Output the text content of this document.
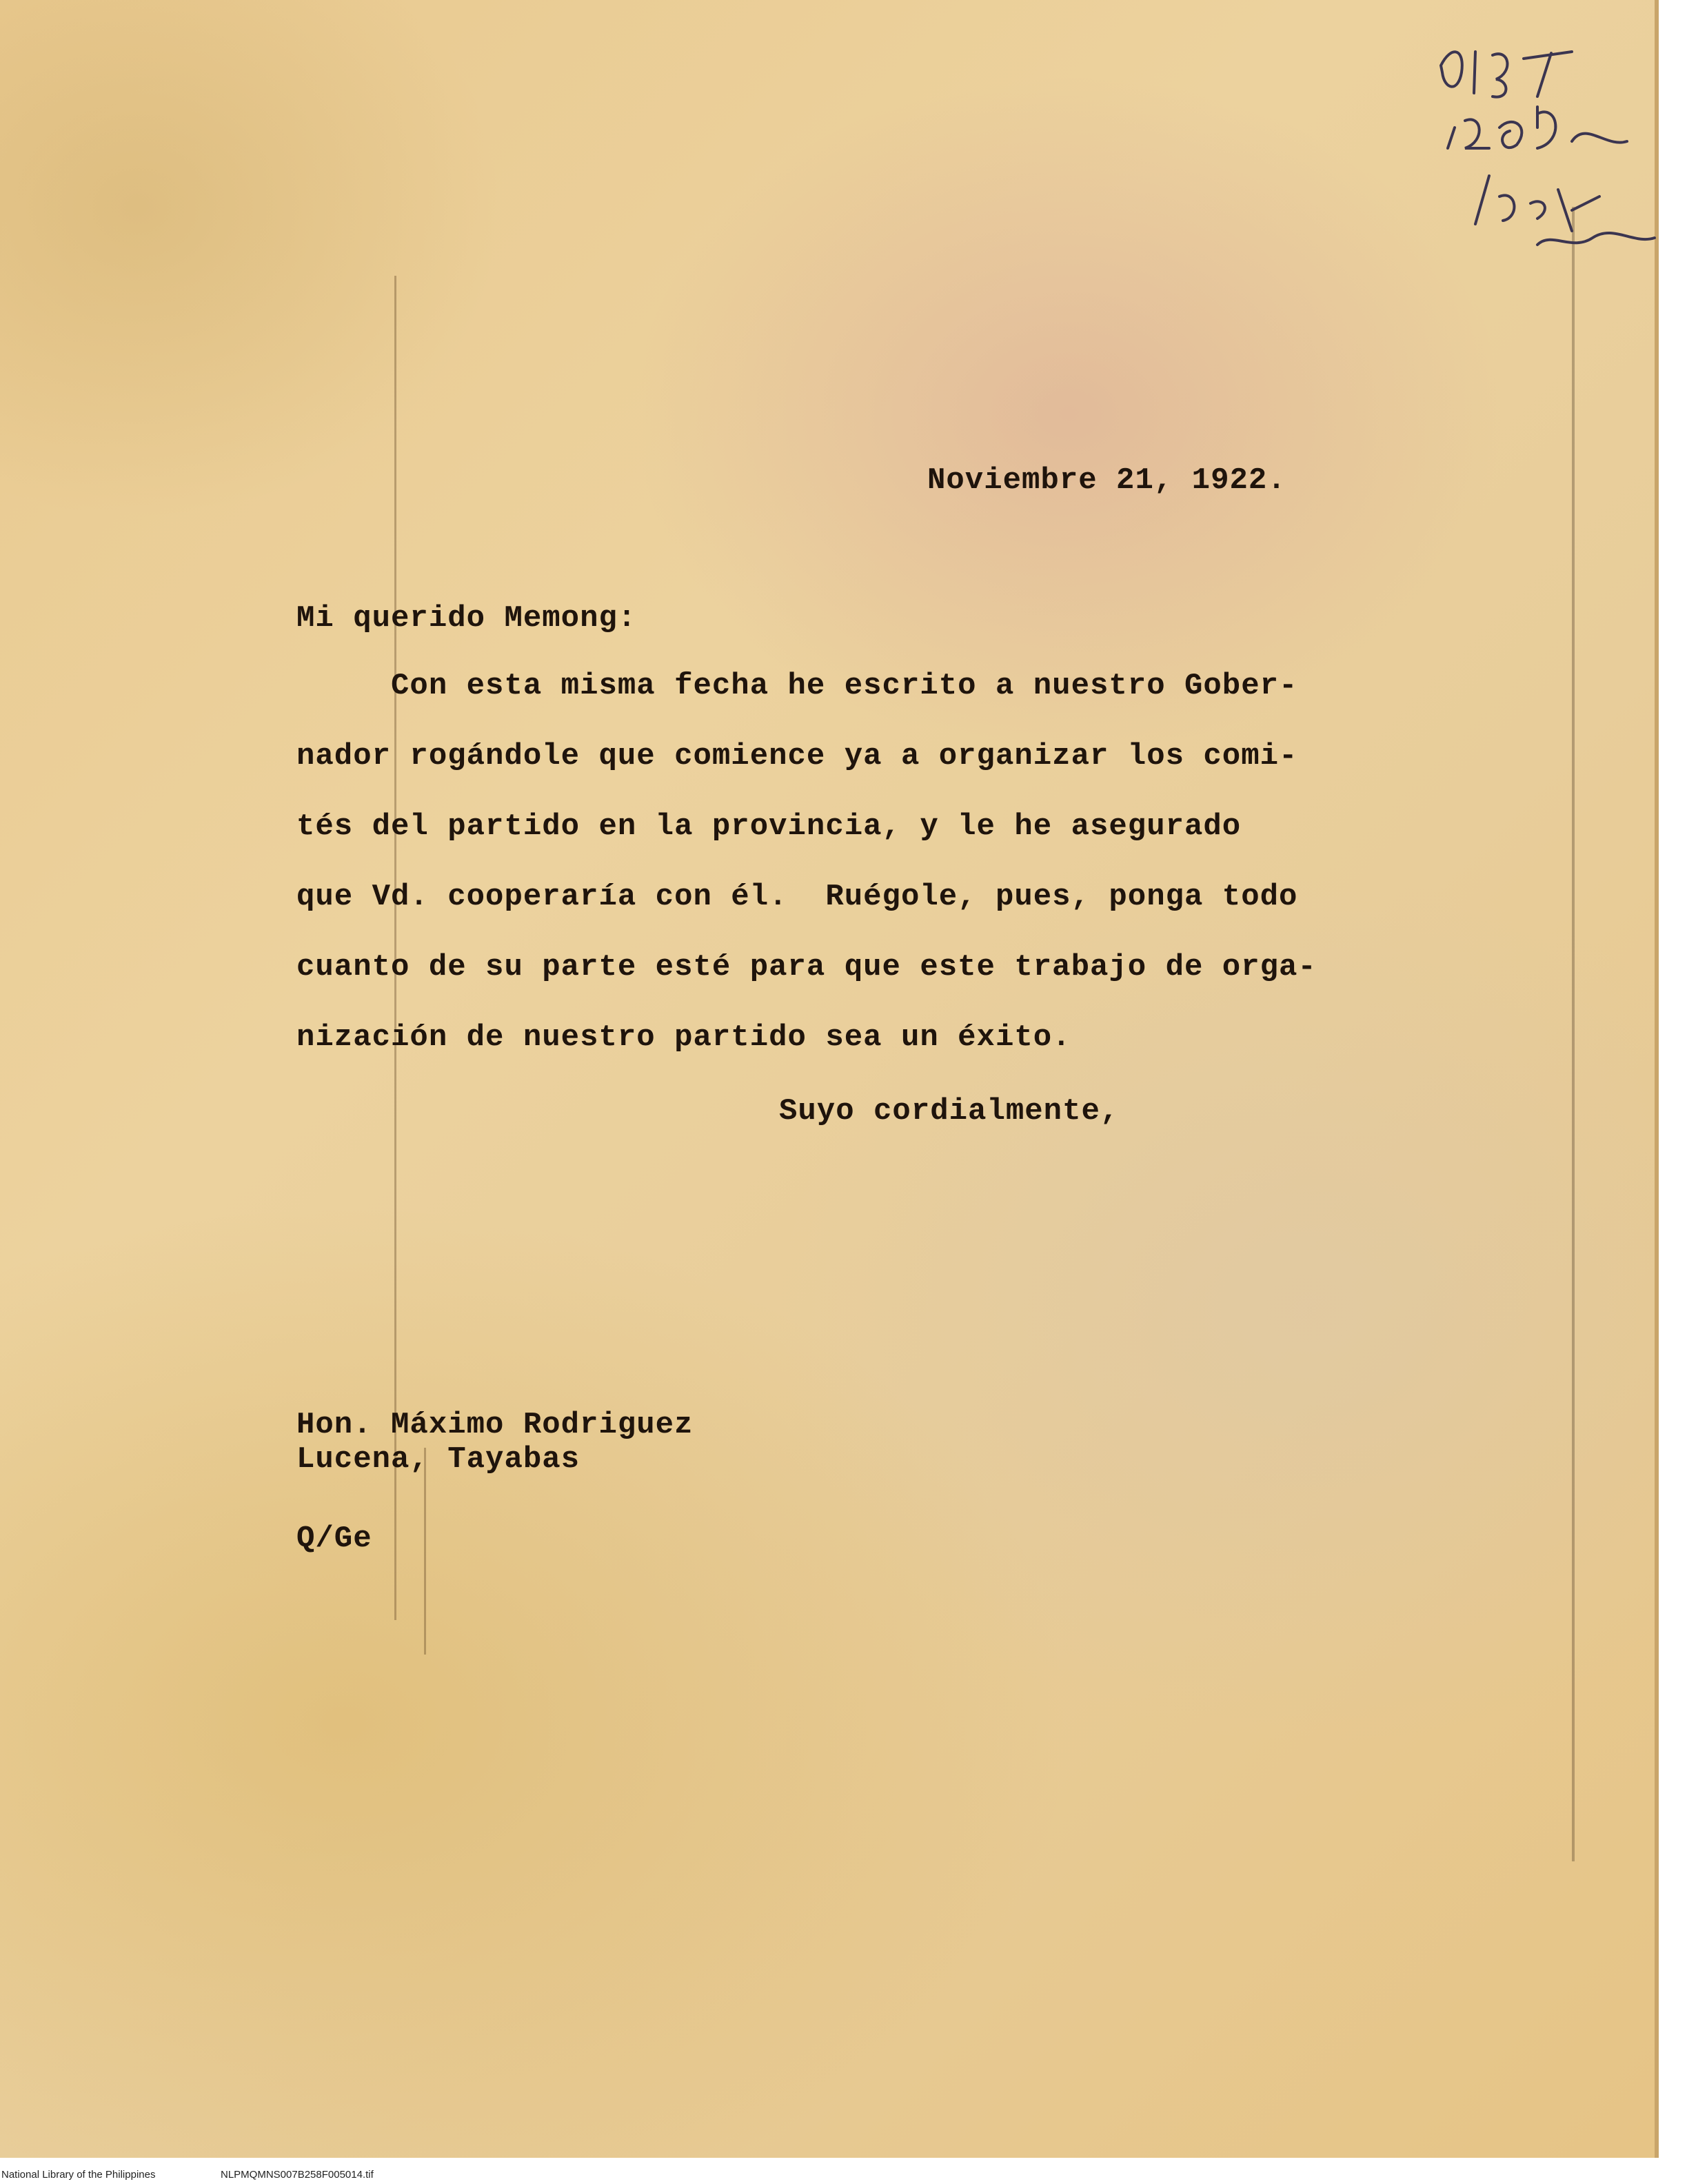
Noviembre 21, 1922.
Mi querido Memong:
Con esta misma fecha he escrito a nuestro Gober-
nador rogándole que comience ya a organizar los comi-
tés del partido en la provincia, y le he asegurado
que Vd. cooperaría con él.  Ruégole, pues, ponga todo
cuanto de su parte esté para que este trabajo de orga-
nización de nuestro partido sea un éxito.
Suyo cordialmente,
Hon. Máximo Rodriguez
Lucena, Tayabas
Q/Ge
National Library of the Philippines	NLPMQMNS007B258F005014.tif
